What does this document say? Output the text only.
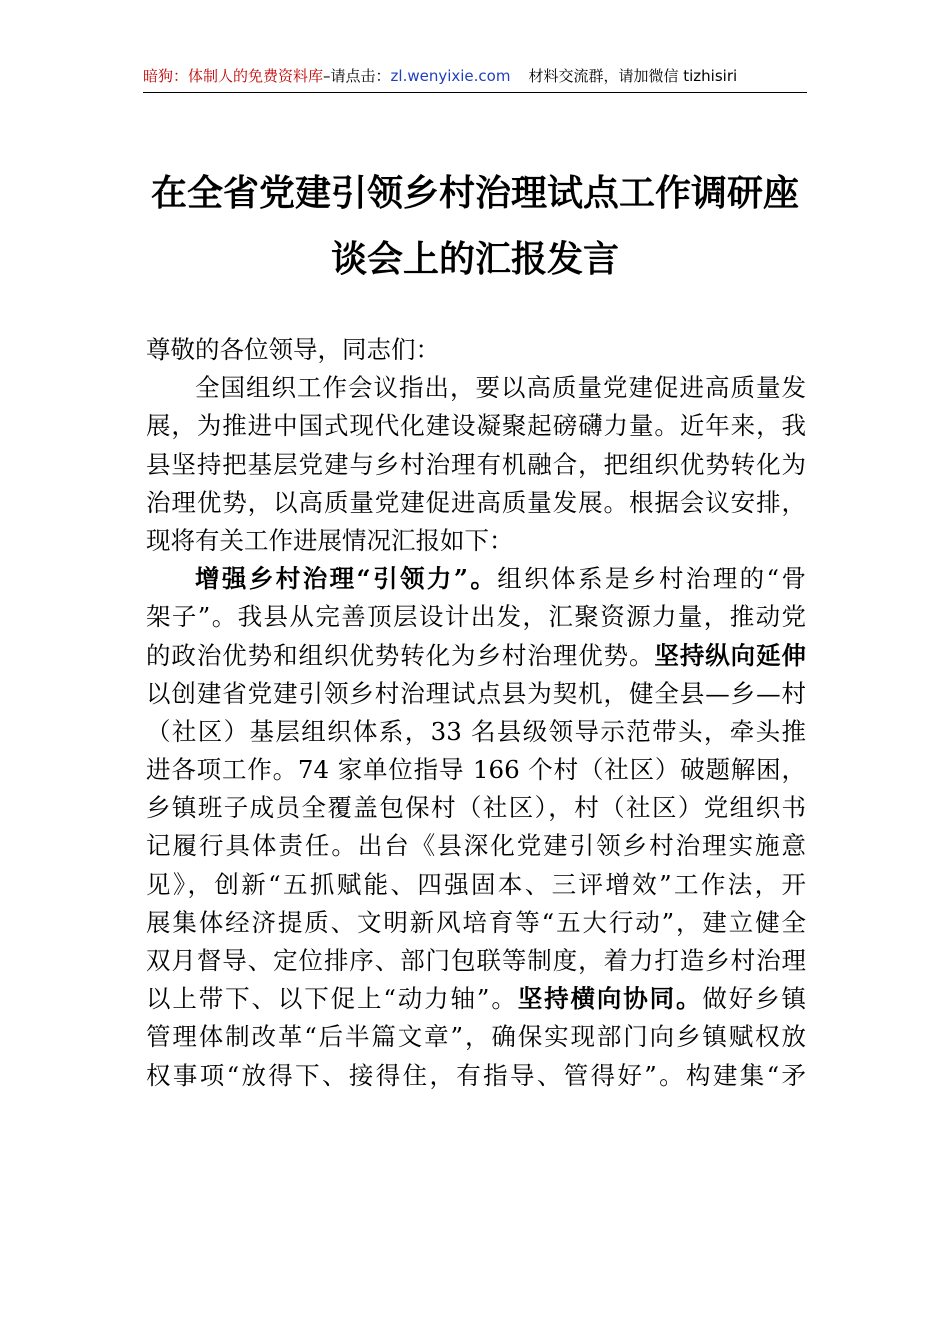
暗狗：体制人的免费资料库–请点击：zl.wenyixie.com 材料交流群，请加微信 tizhisiri
在全省党建引领乡村治理试点工作调研座
谈会上的汇报发言
尊敬的各位领导，同志们：
全国组织工作会议指出，要以高质量党建促进高质量发
展，为推进中国式现代化建设凝聚起磅礴力量。近年来，我
县坚持把基层党建与乡村治理有机融合，把组织优势转化为
治理优势，以高质量党建促进高质量发展。根据会议安排，
现将有关工作进展情况汇报如下：
增强乡村治理“引领力”。组织体系是乡村治理的“骨
架子”。我县从完善顶层设计出发，汇聚资源力量，推动党
的政治优势和组织优势转化为乡村治理优势。坚持纵向延伸
以创建省党建引领乡村治理试点县为契机，健全县—乡—村
（社区）基层组织体系，33 名县级领导示范带头，牵头推
进各项工作。74 家单位指导 166 个村（社区）破题解困，
乡镇班子成员全覆盖包保村（社区），村（社区）党组织书
记履行具体责任。出台《县深化党建引领乡村治理实施意
见》，创新“五抓赋能、四强固本、三评增效”工作法，开
展集体经济提质、文明新风培育等“五大行动”，建立健全
双月督导、定位排序、部门包联等制度，着力打造乡村治理
以上带下、以下促上“动力轴”。坚持横向协同。做好乡镇
管理体制改革“后半篇文章”，确保实现部门向乡镇赋权放
权事项“放得下、接得住，有指导、管得好”。构建集“矛
